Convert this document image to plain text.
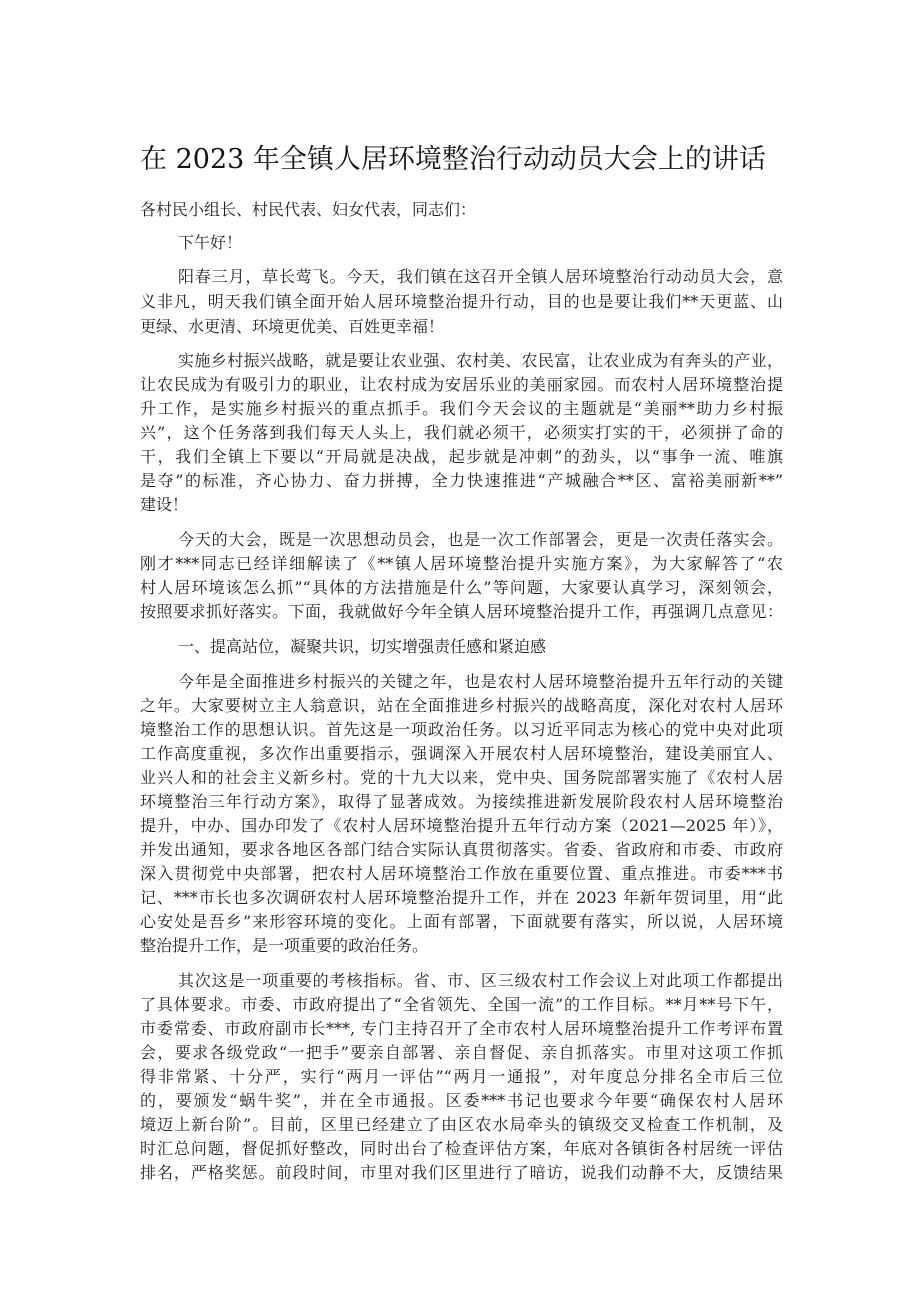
在 2023 年全镇人居环境整治行动动员大会上的讲话
各村民小组长、村民代表、妇女代表，同志们：
下午好！
阳春三月，草长莺飞。今天，我们镇在这召开全镇人居环境整治行动动员大会，意
义非凡，明天我们镇全面开始人居环境整治提升行动，目的也是要让我们**天更蓝、山
更绿、水更清、环境更优美、百姓更幸福！
实施乡村振兴战略，就是要让农业强、农村美、农民富，让农业成为有奔头的产业，
让农民成为有吸引力的职业，让农村成为安居乐业的美丽家园。而农村人居环境整治提
升工作，是实施乡村振兴的重点抓手。我们今天会议的主题就是“美丽**助力乡村振
兴”，这个任务落到我们每天人头上，我们就必须干，必须实打实的干，必须拼了命的
干，我们全镇上下要以“开局就是决战，起步就是冲刺”的劲头，以“事争一流、唯旗
是夺”的标准，齐心协力、奋力拼搏，全力快速推进“产城融合**区、富裕美丽新**”
建设！
今天的大会，既是一次思想动员会，也是一次工作部署会，更是一次责任落实会。
刚才***同志已经详细解读了《**镇人居环境整治提升实施方案》，为大家解答了“农
村人居环境该怎么抓”“具体的方法措施是什么”等问题，大家要认真学习，深刻领会，
按照要求抓好落实。下面，我就做好今年全镇人居环境整治提升工作，再强调几点意见：
一、提高站位，凝聚共识，切实增强责任感和紧迫感
今年是全面推进乡村振兴的关键之年，也是农村人居环境整治提升五年行动的关键
之年。大家要树立主人翁意识，站在全面推进乡村振兴的战略高度，深化对农村人居环
境整治工作的思想认识。首先这是一项政治任务。以习近平同志为核心的党中央对此项
工作高度重视，多次作出重要指示，强调深入开展农村人居环境整治，建设美丽宜人、
业兴人和的社会主义新乡村。党的十九大以来，党中央、国务院部署实施了《农村人居
环境整治三年行动方案》，取得了显著成效。为接续推进新发展阶段农村人居环境整治
提升，中办、国办印发了《农村人居环境整治提升五年行动方案（2021—2025 年）》，
并发出通知，要求各地区各部门结合实际认真贯彻落实。省委、省政府和市委、市政府
深入贯彻党中央部署，把农村人居环境整治工作放在重要位置、重点推进。市委***书
记、***市长也多次调研农村人居环境整治提升工作，并在 2023 年新年贺词里，用“此
心安处是吾乡”来形容环境的变化。上面有部署，下面就要有落实，所以说，人居环境
整治提升工作，是一项重要的政治任务。
其次这是一项重要的考核指标。省、市、区三级农村工作会议上对此项工作都提出
了具体要求。市委、市政府提出了“全省领先、全国一流”的工作目标。**月**号下午，
市委常委、市政府副市长***, 专门主持召开了全市农村人居环境整治提升工作考评布置
会，要求各级党政“一把手”要亲自部署、亲自督促、亲自抓落实。市里对这项工作抓
得非常紧、十分严，实行“两月一评估”“两月一通报”，对年度总分排名全市后三位
的，要颁发“蜗牛奖”，并在全市通报。区委***书记也要求今年要“确保农村人居环
境迈上新台阶”。目前，区里已经建立了由区农水局牵头的镇级交叉检查工作机制，及
时汇总问题，督促抓好整改，同时出台了检查评估方案，年底对各镇街各村居统一评估
排名，严格奖惩。前段时间，市里对我们区里进行了暗访，说我们动静不大，反馈结果
